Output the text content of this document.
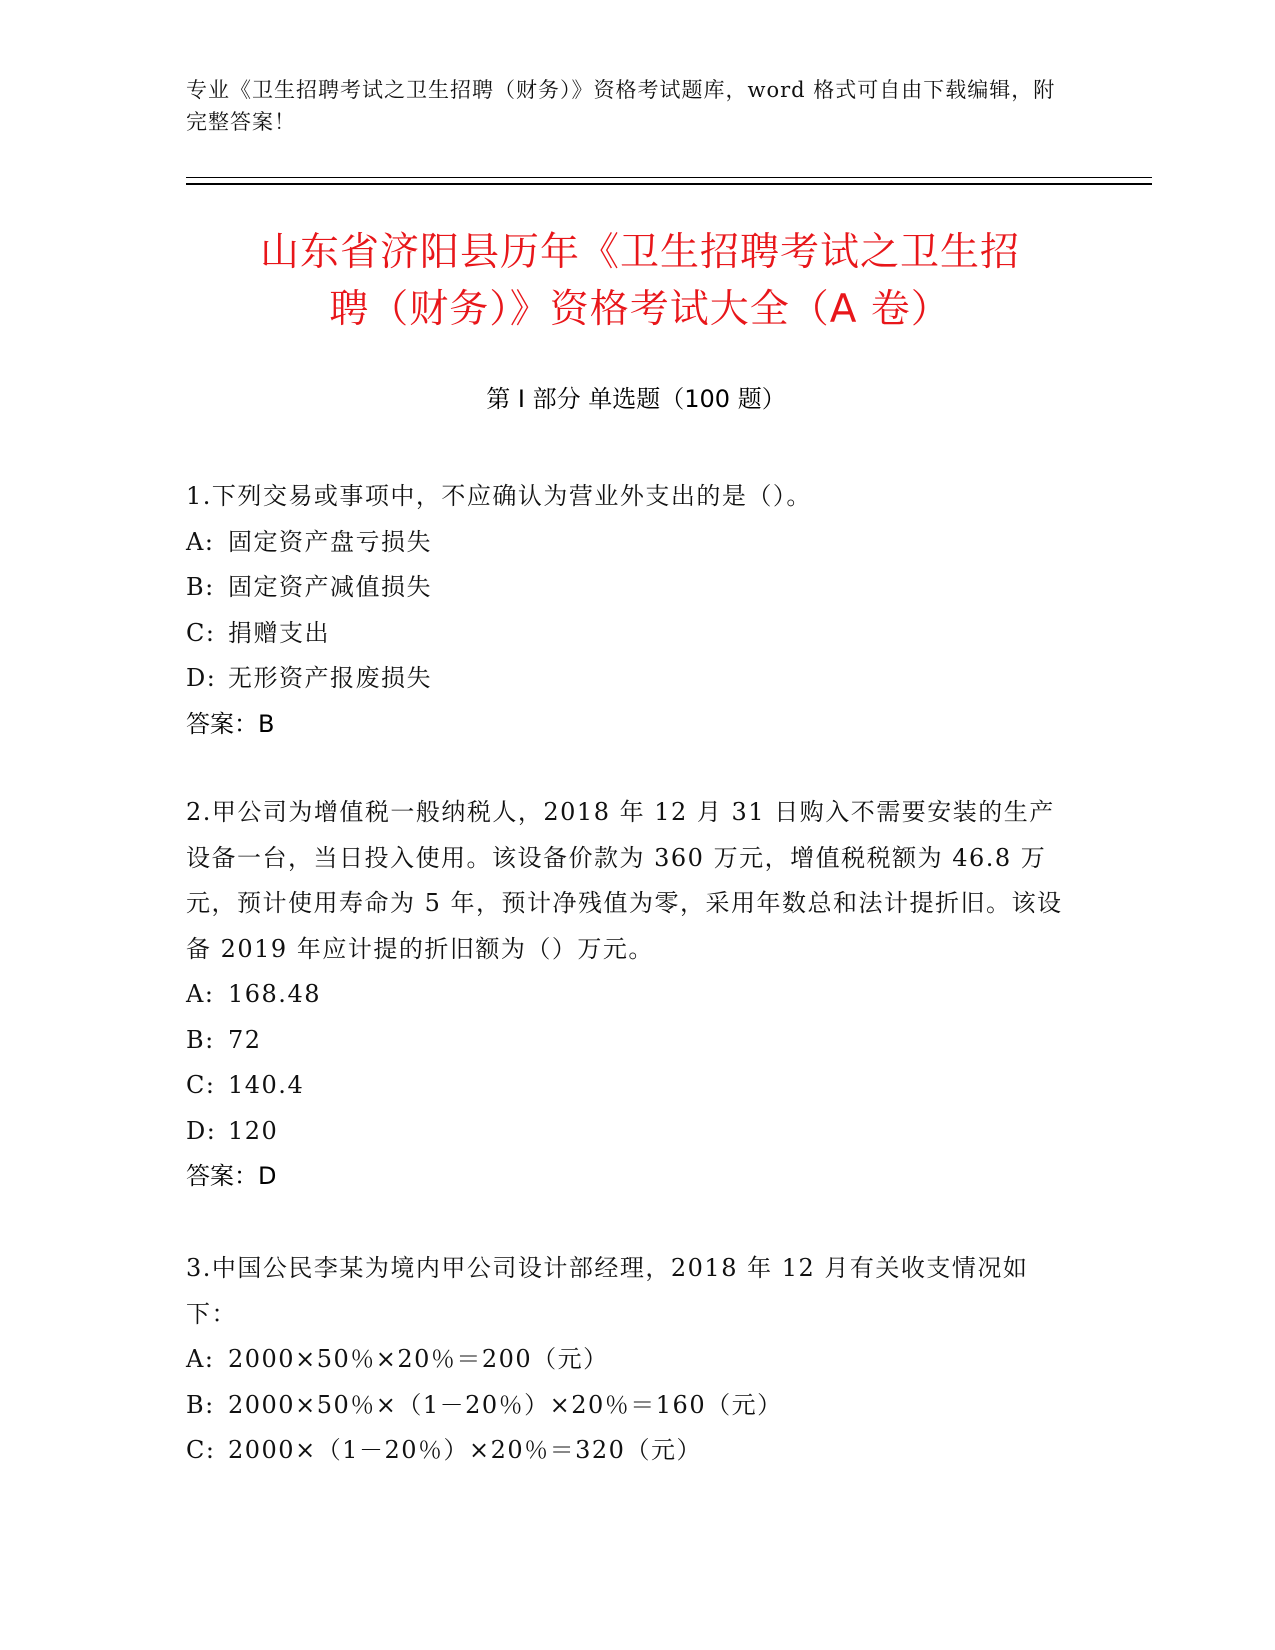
专业《卫生招聘考试之卫生招聘（财务）》资格考试题库，word 格式可自由下载编辑，附完整答案！
山东省济阳县历年《卫生招聘考试之卫生招
聘（财务）》资格考试大全（A 卷）
第 I 部分 单选题（100 题）

1.下列交易或事项中，不应确认为营业外支出的是（）。

A: 固定资产盘亏损失
B: 固定资产减值损失
C: 捐赠支出
D: 无形资产报废损失
答案：B

2.甲公司为增值税一般纳税人，2018 年 12 月 31 日购入不需要安装的生产设备一台，当日投入使用。该设备价款为 360 万元，增值税税额为 46.8 万元，预计使用寿命为 5 年，预计净残值为零，采用年数总和法计提折旧。该设备 2019 年应计提的折旧额为（）万元。

A: 168.48
B: 72
C: 140.4
D: 120
答案：D

3.中国公民李某为境内甲公司设计部经理，2018 年 12 月有关收支情况如下：

A: 2000×50％×20％＝200（元）
B: 2000×50％×（1－20％）×20％＝160（元）
C: 2000×（1－20％）×20％＝320（元）
